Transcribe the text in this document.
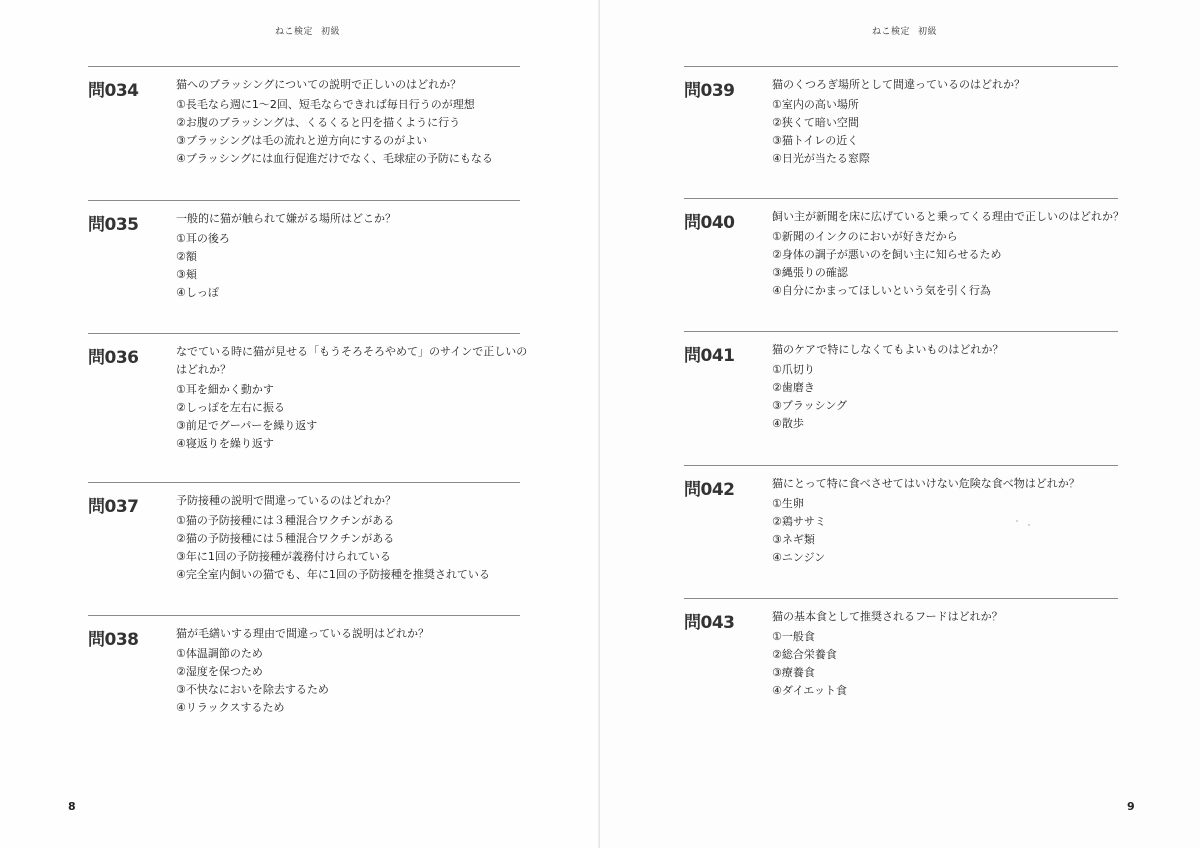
ねこ検定 初級
問034	猫へのブラッシングについての説明で正しいのはどれか？
①長毛なら週に1〜2回、短毛ならできれば毎日行うのが理想
②お腹のブラッシングは、くるくると円を描くように行う
③ブラッシングは毛の流れと逆方向にするのがよい
④ブラッシングには血行促進だけでなく、毛球症の予防にもなる
問035	一般的に猫が触られて嫌がる場所はどこか？
①耳の後ろ
②額
③頬
④しっぽ
問036	なでている時に猫が見せる「もうそろそろやめて」のサインで正しいのはどれか？
①耳を細かく動かす
②しっぽを左右に振る
③前足でグーパーを繰り返す
④寝返りを繰り返す
問037	予防接種の説明で間違っているのはどれか？
①猫の予防接種には３種混合ワクチンがある
②猫の予防接種には５種混合ワクチンがある
③年に1回の予防接種が義務付けられている
④完全室内飼いの猫でも、年に1回の予防接種を推奨されている
問038	猫が毛繕いする理由で間違っている説明はどれか？
①体温調節のため
②湿度を保つため
③不快なにおいを除去するため
④リラックスするため
8
ねこ検定 初級
問039	猫のくつろぎ場所として間違っているのはどれか？
①室内の高い場所
②狭くて暗い空間
③猫トイレの近く
④日光が当たる窓際
問040	飼い主が新聞を床に広げていると乗ってくる理由で正しいのはどれか？
①新聞のインクのにおいが好きだから
②身体の調子が悪いのを飼い主に知らせるため
③縄張りの確認
④自分にかまってほしいという気を引く行為
問041	猫のケアで特にしなくてもよいものはどれか？
①爪切り
②歯磨き
③ブラッシング
④散歩
問042	猫にとって特に食べさせてはいけない危険な食べ物はどれか？
①生卵
②鶏ササミ
③ネギ類
④ニンジン
問043	猫の基本食として推奨されるフードはどれか？
①一般食
②総合栄養食
③療養食
④ダイエット食
9
